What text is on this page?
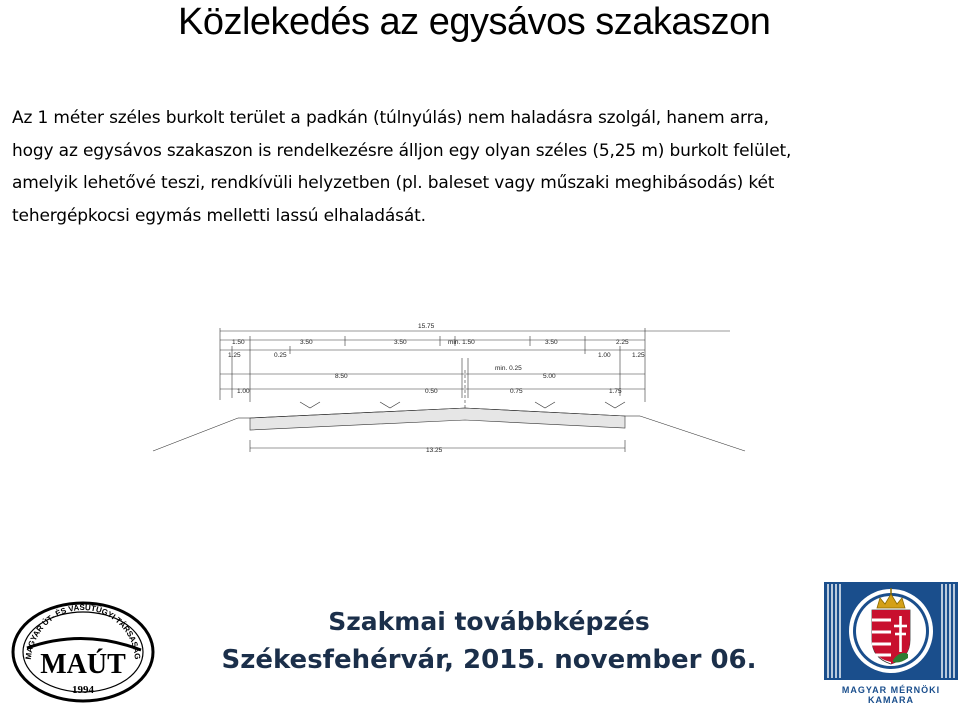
Közlekedés az egysávos szakaszon
Az 1 méter széles burkolt terület a padkán (túlnyúlás) nem haladásra szolgál, hanem arra,
hogy az egysávos szakaszon is rendelkezésre álljon egy olyan széles (5,25 m) burkolt felület,
amelyik lehetővé teszi, rendkívüli helyzetben (pl. baleset vagy műszaki meghibásodás) két
tehergépkocsi egymás melletti lassú elhaladását.
15.75
1.50	3.50	3.50	min. 1.50	3.50	2.25
1.25	0.25	1.00	1.25
min. 0.25
8.50	5.00
1.00	0.50	0.75	1.75
13.25
MAGYAR ÚT- ÉS VASÚTÜGYI TÁRSASÁG
MAÚT
1994
Szakmai továbbképzés
Székesfehérvár, 2015. november 06.
MAGYAR MÉRNÖKI
KAMARA
